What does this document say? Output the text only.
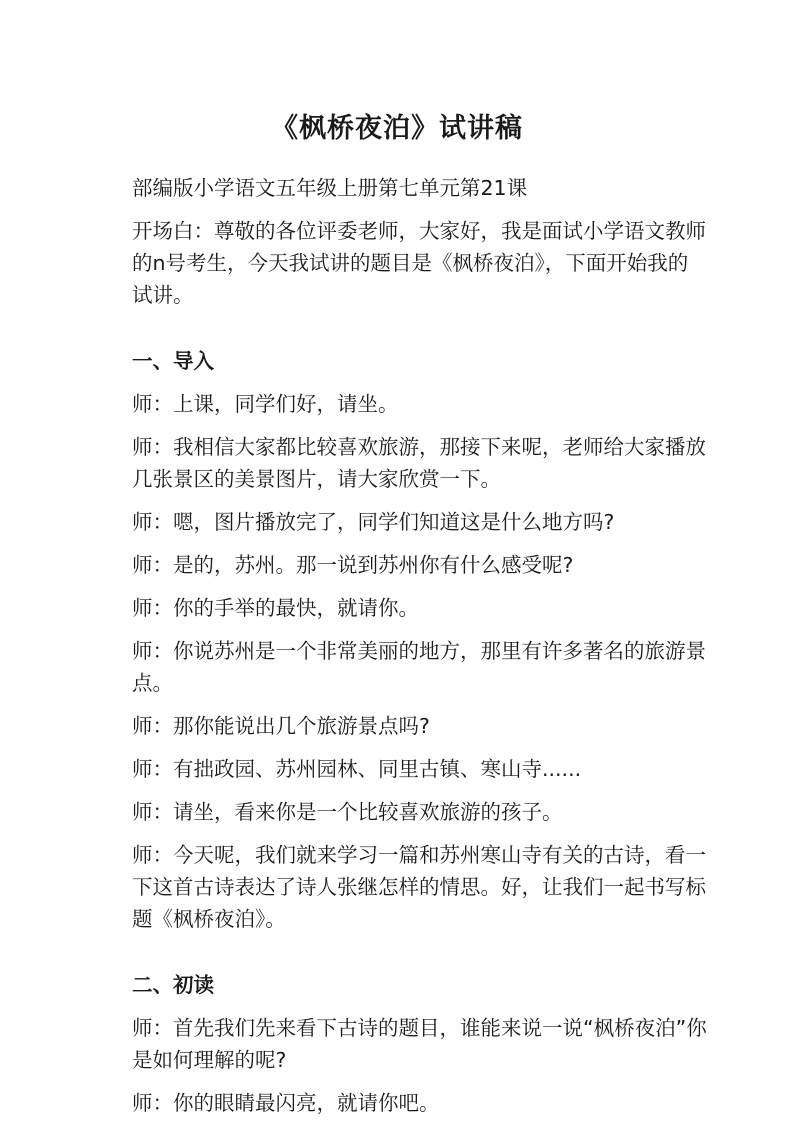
《枫桥夜泊》试讲稿

部编版小学语文五年级上册第七单元第21课

开场白：尊敬的各位评委老师，大家好，我是面试小学语文教师的n号考生，今天我试讲的题目是《枫桥夜泊》，下面开始我的试讲。

一、导入

师：上课，同学们好，请坐。

师：我相信大家都比较喜欢旅游，那接下来呢，老师给大家播放几张景区的美景图片，请大家欣赏一下。

师：嗯，图片播放完了，同学们知道这是什么地方吗?

师：是的，苏州。那一说到苏州你有什么感受呢?

师：你的手举的最快，就请你。

师：你说苏州是一个非常美丽的地方，那里有许多著名的旅游景点。

师：那你能说出几个旅游景点吗?

师：有拙政园、苏州园林、同里古镇、寒山寺......

师：请坐，看来你是一个比较喜欢旅游的孩子。

师：今天呢，我们就来学习一篇和苏州寒山寺有关的古诗，看一下这首古诗表达了诗人张继怎样的情思。好，让我们一起书写标题《枫桥夜泊》。

二、初读

师：首先我们先来看下古诗的题目，谁能来说一说“枫桥夜泊”你是如何理解的呢?

师：你的眼睛最闪亮，就请你吧。
